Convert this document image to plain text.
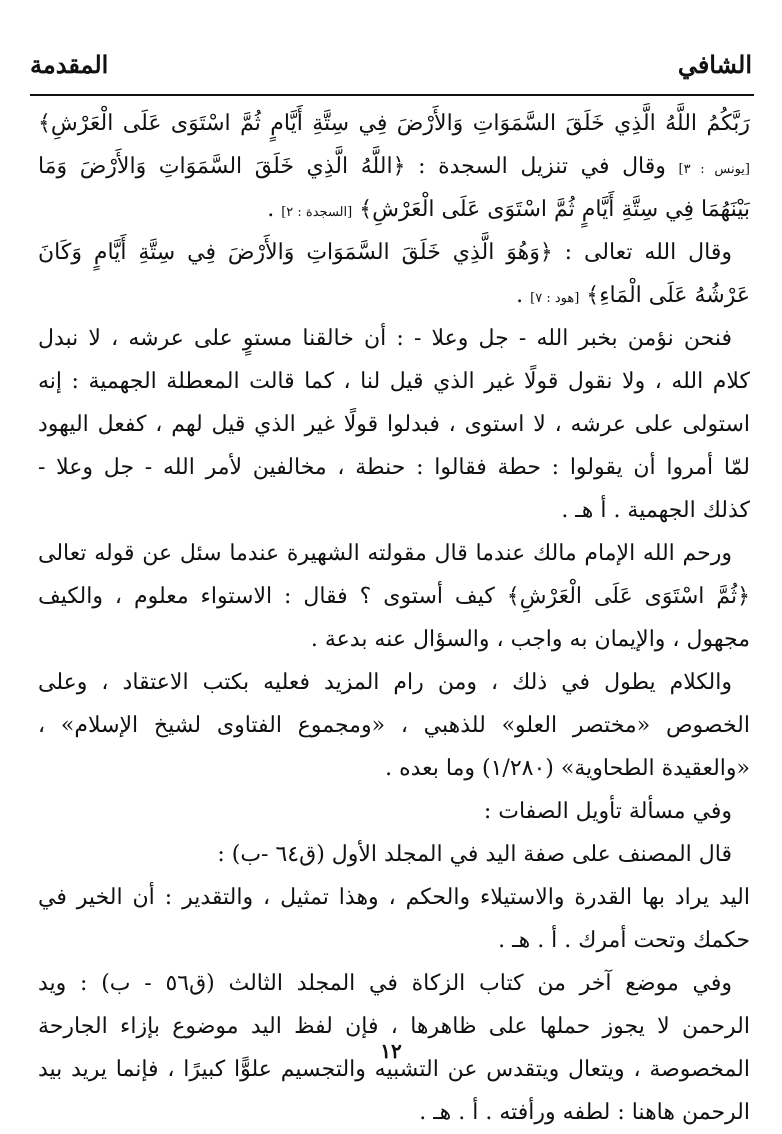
الشافي
المقدمة
رَبَّكُمُ اللَّهُ الَّذِي خَلَقَ السَّمَوَاتِ وَالأَرْضَ فِي سِتَّةِ أَيَّامٍ ثُمَّ اسْتَوَى عَلَى الْعَرْشِ﴾
[يونس : ٣] وقال في تنزيل السجدة : ﴿اللَّهُ الَّذِي خَلَقَ السَّمَوَاتِ وَالأَرْضَ وَمَا
بَيْنَهُمَا فِي سِتَّةِ أَيَّامٍ ثُمَّ اسْتَوَى عَلَى الْعَرْشِ﴾ [السجدة : ٢] .
وقال الله تعالى : ﴿وَهُوَ الَّذِي خَلَقَ السَّمَوَاتِ وَالأَرْضَ فِي سِتَّةِ أَيَّامٍ وَكَانَ
عَرْشُهُ عَلَى الْمَاءِ﴾ [هود : ٧] .
فنحن نؤمن بخبر الله - جل وعلا - : أن خالقنا مستوٍ على عرشه ، لا نبدل
كلام الله ، ولا نقول قولًا غير الذي قيل لنا ، كما قالت المعطلة الجهمية : إنه
استولى على عرشه ، لا استوى ، فبدلوا قولًا غير الذي قيل لهم ، كفعل اليهود
لمّا أمروا أن يقولوا : حطة فقالوا : حنطة ، مخالفين لأمر الله - جل وعلا -
كذلك الجهمية . أ هـ .
ورحم الله الإمام مالك عندما قال مقولته الشهيرة عندما سئل عن قوله تعالى
﴿ثُمَّ اسْتَوَى عَلَى الْعَرْشِ﴾ كيف أستوى ؟ فقال : الاستواء معلوم ، والكيف
مجهول ، والإيمان به واجب ، والسؤال عنه بدعة .
والكلام يطول في ذلك ، ومن رام المزيد فعليه بكتب الاعتقاد ، وعلى
الخصوص «مختصر العلو» للذهبي ، «ومجموع الفتاوى لشيخ الإسلام» ،
«والعقيدة الطحاوية» (١/٢٨٠) وما بعده .
وفي مسألة تأويل الصفات :
قال المصنف على صفة اليد في المجلد الأول (ق٦٤ -ب) :
اليد يراد بها القدرة والاستيلاء والحكم ، وهذا تمثيل ، والتقدير : أن الخير في
حكمك وتحت أمرك . أ . هـ .
وفي موضع آخر من كتاب الزكاة في المجلد الثالث (ق٥٦ - ب) : ويد
الرحمن لا يجوز حملها على ظاهرها ، فإن لفظ اليد موضوع بإزاء الجارحة
المخصوصة ، ويتعال ويتقدس عن التشبيه والتجسيم علوًّا كبيرًا ، فإنما يريد بيد
الرحمن هاهنا : لطفه ورأفته . أ . هـ .
١٢
